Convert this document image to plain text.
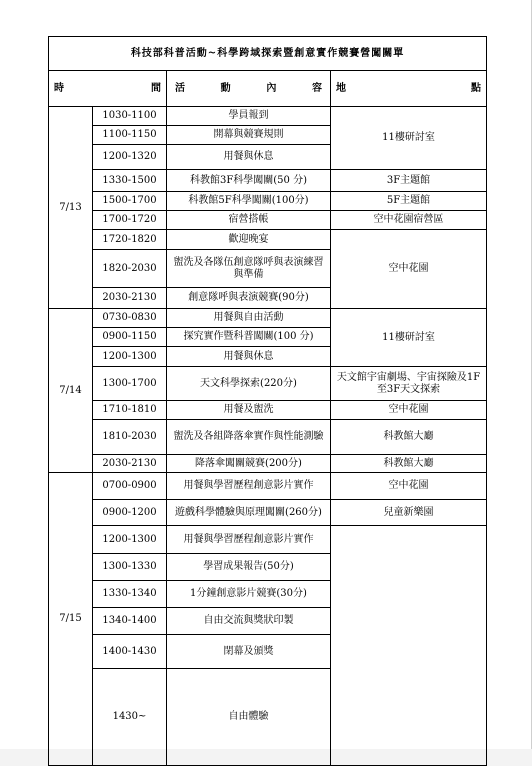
科技部科普活動~科學跨域探索暨創意實作競賽營闖關單				

時 間		活 動 內 容	地 點	

7/13	1030-1100	學員報到	11樓研討室	
	1100-1150	開幕與競賽規則		
	1200-1320	用餐與休息		
	1330-1500	科教館3F科學闖關(50 分)	3F主題館	
	1500-1700	科教館5F科學闖關(100分)	5F主題館	
	1700-1720	宿營搭帳	空中花園宿營區	
	1720-1820	歡迎晚宴	空中花園	
	1820-2030	盥洗及各隊伍創意隊呼與表演練習與準備		
	2030-2130	創意隊呼與表演競賽(90分)		
7/14	0730-0830	用餐與自由活動	11樓研討室	
	0900-1150	探究實作暨科普闖關(100 分)		
	1200-1300	用餐與休息		
	1300-1700	天文科學探索(220分)	天文館宇宙劇場、宇宙探險及1F至3F天文探索	
	1710-1810	用餐及盥洗	空中花園	
	1810-2030	盥洗及各組降落傘實作與性能測驗	科教館大廳	
	2030-2130	降落傘闖關競賽(200分)	科教館大廳	
7/15	0700-0900	用餐與學習歷程創意影片實作	空中花園	
	0900-1200	遊戲科學體驗與原理闖關(260分)	兒童新樂園	
	1200-1300	用餐與學習歷程創意影片實作		
	1300-1330	學習成果報告(50分)		
	1330-1340	1分鐘創意影片競賽(30分)		
	1340-1400	自由交流與獎狀印製		
	1400-1430	閉幕及頒獎		
	1430~	自由體驗	
